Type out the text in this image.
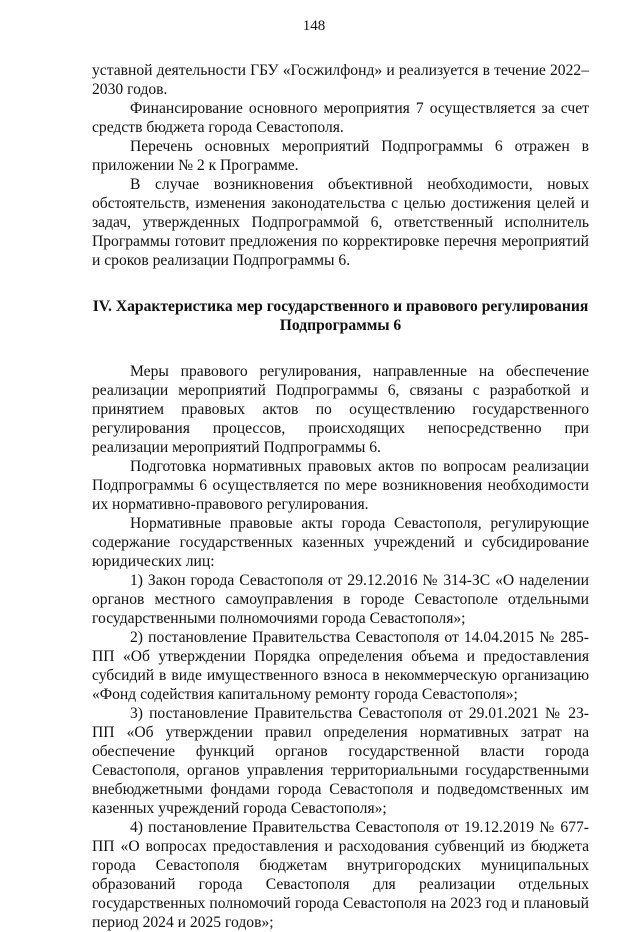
148

уставной деятельности ГБУ «Госжилфонд» и реализуется в течение 2022–2030 годов.

Финансирование основного мероприятия 7 осуществляется за счет средств бюджета города Севастополя.

Перечень основных мероприятий Подпрограммы 6 отражен в приложении № 2 к Программе.

В случае возникновения объективной необходимости, новых обстоятельств, изменения законодательства с целью достижения целей и задач, утвержденных Подпрограммой 6, ответственный исполнитель Программы готовит предложения по корректировке перечня мероприятий и сроков реализации Подпрограммы 6.

IV. Характеристика мер государственного и правового регулирования Подпрограммы 6

Меры правового регулирования, направленные на обеспечение реализации мероприятий Подпрограммы 6, связаны с разработкой и принятием правовых актов по осуществлению государственного регулирования процессов, происходящих непосредственно при реализации мероприятий Подпрограммы 6.

Подготовка нормативных правовых актов по вопросам реализации Подпрограммы 6 осуществляется по мере возникновения необходимости их нормативно-правового регулирования.

Нормативные правовые акты города Севастополя, регулирующие содержание государственных казенных учреждений и субсидирование юридических лиц:

1) Закон города Севастополя от 29.12.2016 № 314-ЗС «О наделении органов местного самоуправления в городе Севастополе отдельными государственными полномочиями города Севастополя»;

2) постановление Правительства Севастополя от 14.04.2015 № 285-ПП «Об утверждении Порядка определения объема и предоставления субсидий в виде имущественного взноса в некоммерческую организацию «Фонд содействия капитальному ремонту города Севастополя»;

3) постановление Правительства Севастополя от 29.01.2021 № 23-ПП «Об утверждении правил определения нормативных затрат на обеспечение функций органов государственной власти города Севастополя, органов управления территориальными государственными внебюджетными фондами города Севастополя и подведомственных им казенных учреждений города Севастополя»;

4) постановление Правительства Севастополя от 19.12.2019 № 677-ПП «О вопросах предоставления и расходования субвенций из бюджета города Севастополя бюджетам внутригородских муниципальных образований города Севастополя для реализации отдельных государственных полномочий города Севастополя на 2023 год и плановый период 2024 и 2025 годов»;
